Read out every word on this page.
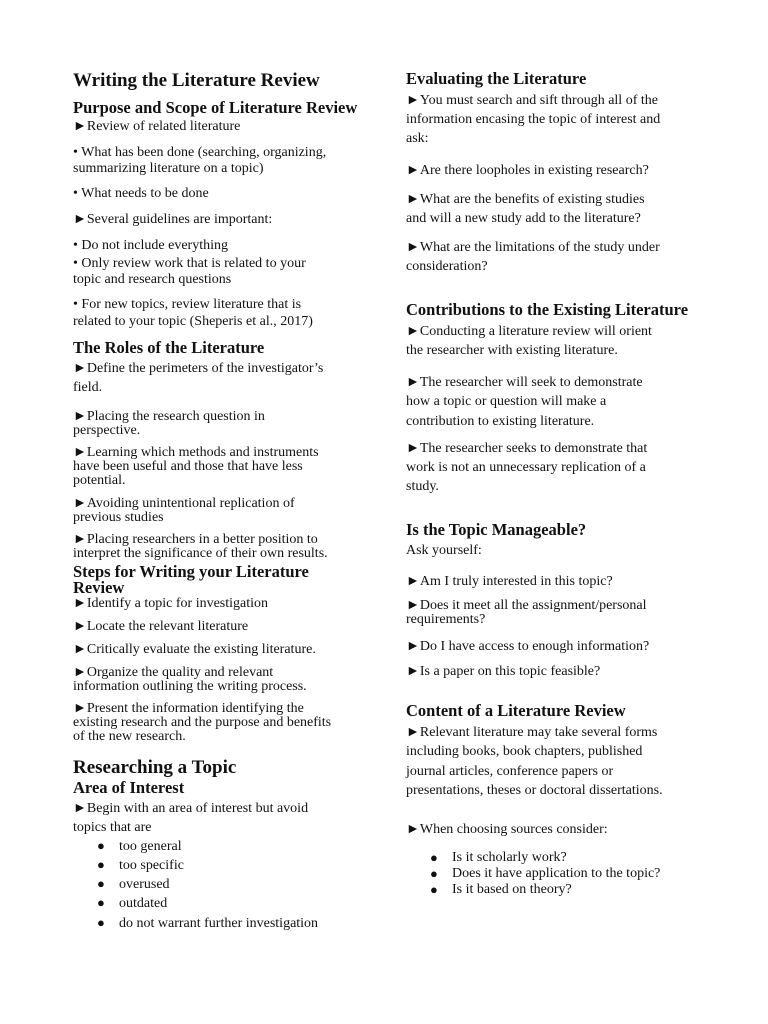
Writing the Literature Review
Purpose and Scope of Literature Review

►Review of related literature

• What has been done (searching, organizing,

summarizing literature on a topic)

• What needs to be done

►Several guidelines are important:

• Do not include everything

• Only review work that is related to your

topic and research questions

• For new topics, review literature that is

related to your topic (Sheperis et al., 2017)

The Roles of the Literature

►Define the perimeters of the investigator’s

field.

►Placing the research question in

perspective.

►Learning which methods and instruments

have been useful and those that have less

potential.

►Avoiding unintentional replication of

previous studies

►Placing researchers in a better position to

interpret the significance of their own results.

Steps for Writing your Literature
Review

►Identify a topic for investigation

►Locate the relevant literature

►Critically evaluate the existing literature.

►Organize the quality and relevant

information outlining the writing process.

►Present the information identifying the

existing research and the purpose and benefits

of the new research.

Researching a Topic
Area of Interest

►Begin with an area of interest but avoid

topics that are

● too general

● too specific

● overused

● outdated

● do not warrant further investigation

Evaluating the Literature

►You must search and sift through all of the

information encasing the topic of interest and

ask:

►Are there loopholes in existing research?

►What are the benefits of existing studies

and will a new study add to the literature?

►What are the limitations of the study under

consideration?

Contributions to the Existing Literature

►Conducting a literature review will orient

the researcher with existing literature.

►The researcher will seek to demonstrate

how a topic or question will make a

contribution to existing literature.

►The researcher seeks to demonstrate that

work is not an unnecessary replication of a

study.

Is the Topic Manageable?

Ask yourself:

►Am I truly interested in this topic?

►Does it meet all the assignment/personal

requirements?

►Do I have access to enough information?

►Is a paper on this topic feasible?

Content of a Literature Review

►Relevant literature may take several forms

including books, book chapters, published

journal articles, conference papers or

presentations, theses or doctoral dissertations.

►When choosing sources consider:

● Is it scholarly work?

● Does it have application to the topic?

● Is it based on theory?
